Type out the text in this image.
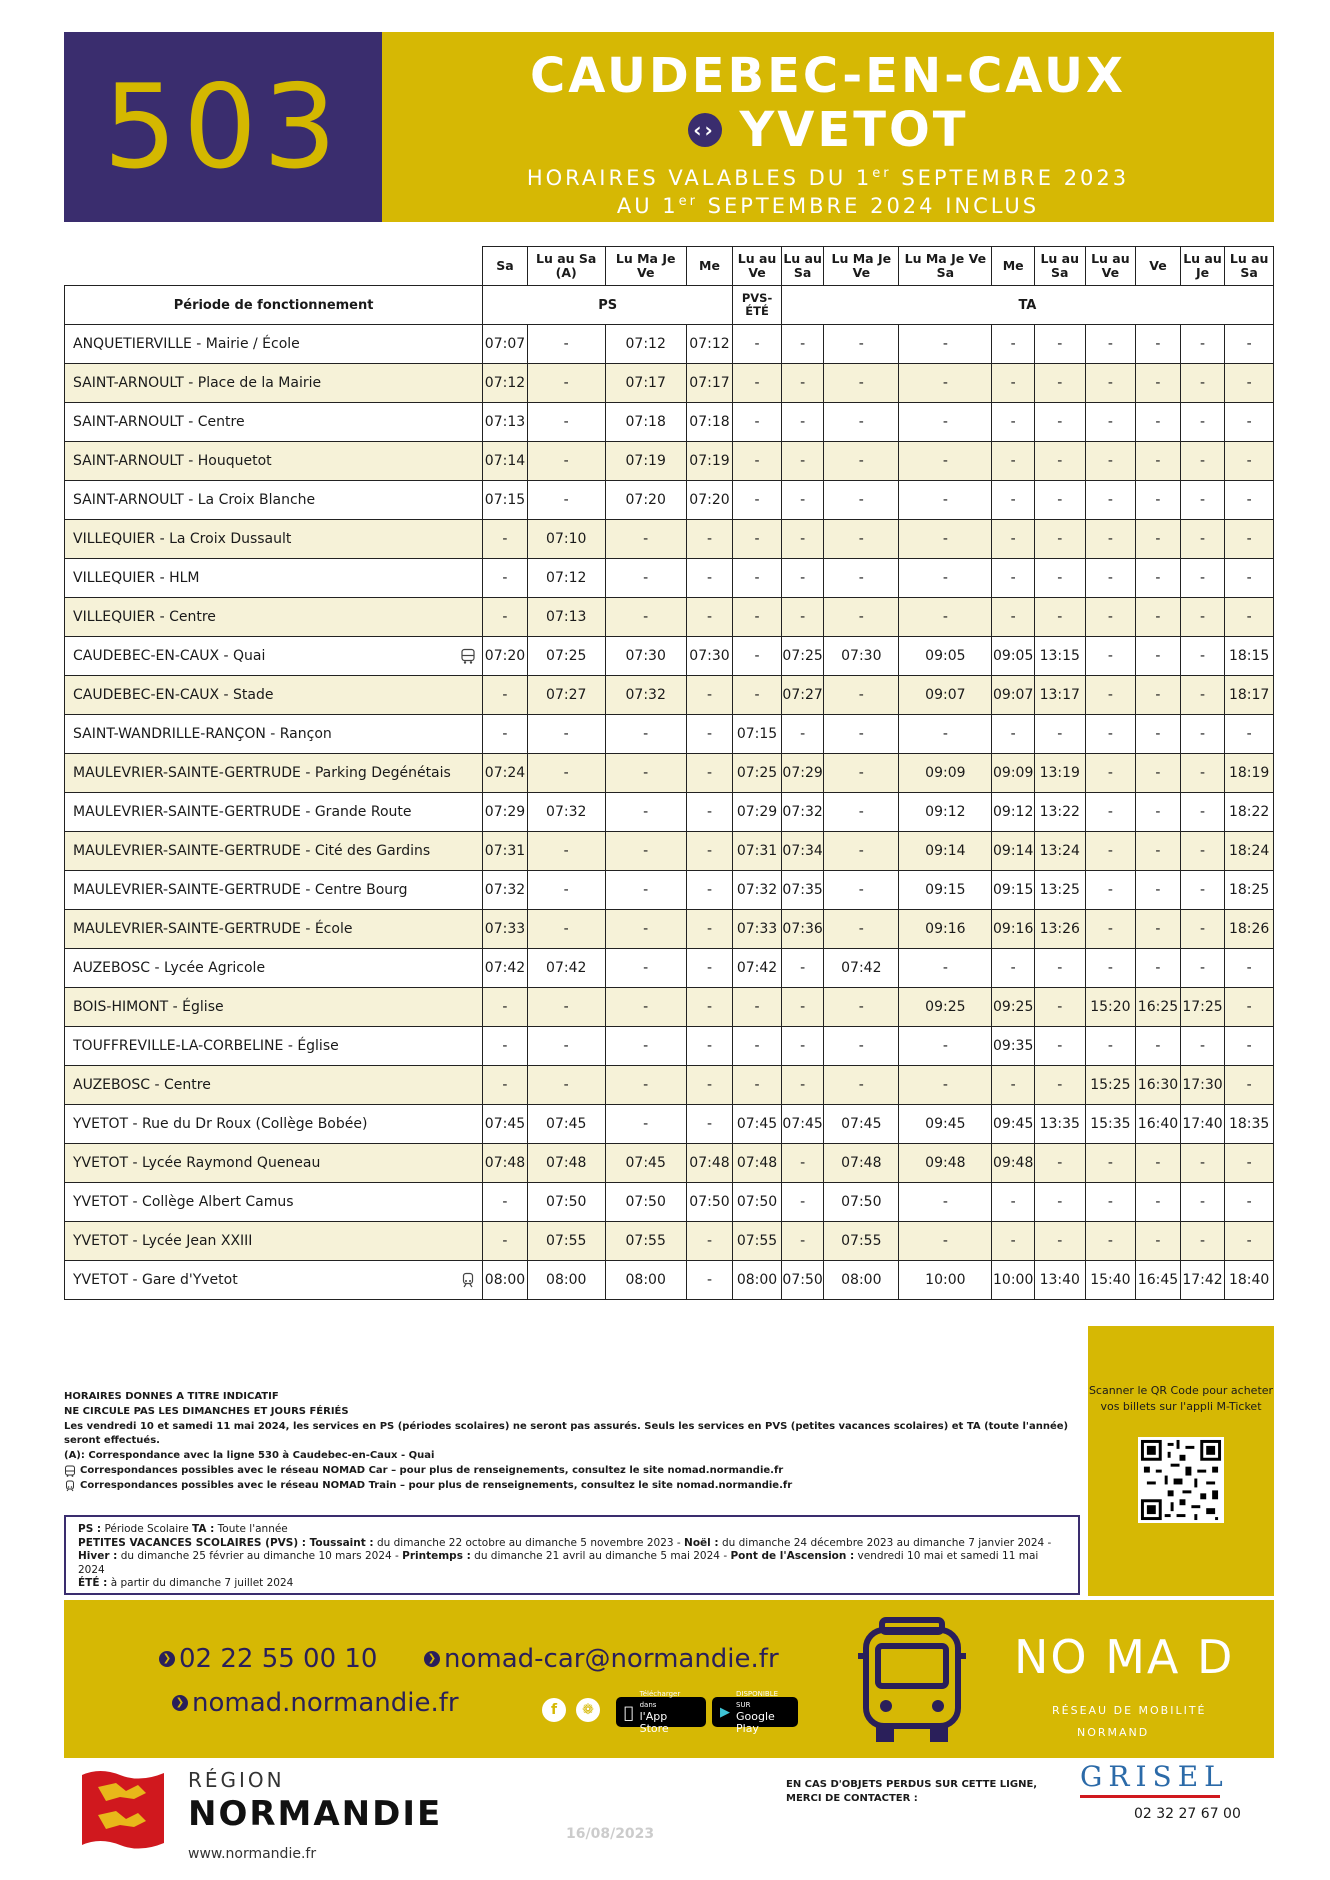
503	CAUDEBEC-EN-CAUX
‹› YVETOT
HORAIRES VALABLES DU 1er SEPTEMBRE 2023
AU 1er SEPTEMBRE 2024 INCLUS
	Sa	Lu au Sa (A)	Lu Ma Je Ve	Me	Lu au Ve	Lu au Sa	Lu Ma Je Ve	Lu Ma Je Ve Sa	Me	Lu au Sa	Lu au Ve	Ve	Lu au Je	Lu au Sa
Période de fonctionnement	PS				PVS-ÉTÉ	TA								
ANQUETIERVILLE - Mairie / École	07:07	-	07:12	07:12	-	-	-	-	-	-	-	-	-	-
SAINT-ARNOULT - Place de la Mairie	07:12	-	07:17	07:17	-	-	-	-	-	-	-	-	-	-
SAINT-ARNOULT - Centre	07:13	-	07:18	07:18	-	-	-	-	-	-	-	-	-	-
SAINT-ARNOULT - Houquetot	07:14	-	07:19	07:19	-	-	-	-	-	-	-	-	-	-
SAINT-ARNOULT - La Croix Blanche	07:15	-	07:20	07:20	-	-	-	-	-	-	-	-	-	-
VILLEQUIER - La Croix Dussault	-	07:10	-	-	-	-	-	-	-	-	-	-	-	-
VILLEQUIER - HLM	-	07:12	-	-	-	-	-	-	-	-	-	-	-	-
VILLEQUIER - Centre	-	07:13	-	-	-	-	-	-	-	-	-	-	-	-
CAUDEBEC-EN-CAUX - Quai	07:20	07:25	07:30	07:30	-	07:25	07:30	09:05	09:05	13:15	-	-	-	18:15
CAUDEBEC-EN-CAUX - Stade	-	07:27	07:32	-	-	07:27	-	09:07	09:07	13:17	-	-	-	18:17
SAINT-WANDRILLE-RANÇON - Rançon	-	-	-	-	07:15	-	-	-	-	-	-	-	-	-
MAULEVRIER-SAINTE-GERTRUDE - Parking Degénétais	07:24	-	-	-	07:25	07:29	-	09:09	09:09	13:19	-	-	-	18:19
MAULEVRIER-SAINTE-GERTRUDE - Grande Route	07:29	07:32	-	-	07:29	07:32	-	09:12	09:12	13:22	-	-	-	18:22
MAULEVRIER-SAINTE-GERTRUDE - Cité des Gardins	07:31	-	-	-	07:31	07:34	-	09:14	09:14	13:24	-	-	-	18:24
MAULEVRIER-SAINTE-GERTRUDE - Centre Bourg	07:32	-	-	-	07:32	07:35	-	09:15	09:15	13:25	-	-	-	18:25
MAULEVRIER-SAINTE-GERTRUDE - École	07:33	-	-	-	07:33	07:36	-	09:16	09:16	13:26	-	-	-	18:26
AUZEBOSC - Lycée Agricole	07:42	07:42	-	-	07:42	-	07:42	-	-	-	-	-	-	-
BOIS-HIMONT - Église	-	-	-	-	-	-	-	09:25	09:25	-	15:20	16:25	17:25	-
TOUFFREVILLE-LA-CORBELINE - Église	-	-	-	-	-	-	-	-	09:35	-	-	-	-	-
AUZEBOSC - Centre	-	-	-	-	-	-	-	-	-	-	15:25	16:30	17:30	-
YVETOT - Rue du Dr Roux (Collège Bobée)	07:45	07:45	-	-	07:45	07:45	07:45	09:45	09:45	13:35	15:35	16:40	17:40	18:35
YVETOT - Lycée Raymond Queneau	07:48	07:48	07:45	07:48	07:48	-	07:48	09:48	09:48	-	-	-	-	-
YVETOT - Collège Albert Camus	-	07:50	07:50	07:50	07:50	-	07:50	-	-	-	-	-	-	-
YVETOT - Lycée Jean XXIII	-	07:55	07:55	-	07:55	-	07:55	-	-	-	-	-	-	-
YVETOT - Gare d'Yvetot	08:00	08:00	08:00	-	08:00	07:50	08:00	10:00	10:00	13:40	15:40	16:45	17:42	18:40
HORAIRES DONNES A TITRE INDICATIF
NE CIRCULE PAS LES DIMANCHES ET JOURS FÉRIÉS
Les vendredi 10 et samedi 11 mai 2024, les services en PS (périodes scolaires) ne seront pas assurés. Seuls les services en PVS (petites vacances scolaires) et TA (toute l'année) seront effectués.
(A): Correspondance avec la ligne 530 à Caudebec-en-Caux - Quai
Correspondances possibles avec le réseau NOMAD Car – pour plus de renseignements, consultez le site nomad.normandie.fr
Correspondances possibles avec le réseau NOMAD Train – pour plus de renseignements, consultez le site nomad.normandie.fr
PS : Période Scolaire TA : Toute l'année
PETITES VACANCES SCOLAIRES (PVS) : Toussaint : du dimanche 22 octobre au dimanche 5 novembre 2023 - Noël : du dimanche 24 décembre 2023 au dimanche 7 janvier 2024 - Hiver : du dimanche 25 février au dimanche 10 mars 2024 - Printemps : du dimanche 21 avril au dimanche 5 mai 2024 - Pont de l'Ascension : vendredi 10 mai et samedi 11 mai 2024
ÉTÉ : à partir du dimanche 7 juillet 2024
Scanner le QR Code pour acheter
vos billets sur l'appli M-Ticket
❯ 02 22 55 00 10	❯ nomad-car@normandie.fr
❯ nomad.normandie.fr	f	❁	Télécharger dans
l'App Store ▶
DISPONIBLE SUR
Google Play
NO MA D
RÉSEAU DE MOBILITÉ
NORMAND
RÉGION
NORMANDIE
www.normandie.fr
16/08/2023
EN CAS D'OBJETS PERDUS SUR CETTE LIGNE,
MERCI DE CONTACTER :
GRISEL
02 32 27 67 00
